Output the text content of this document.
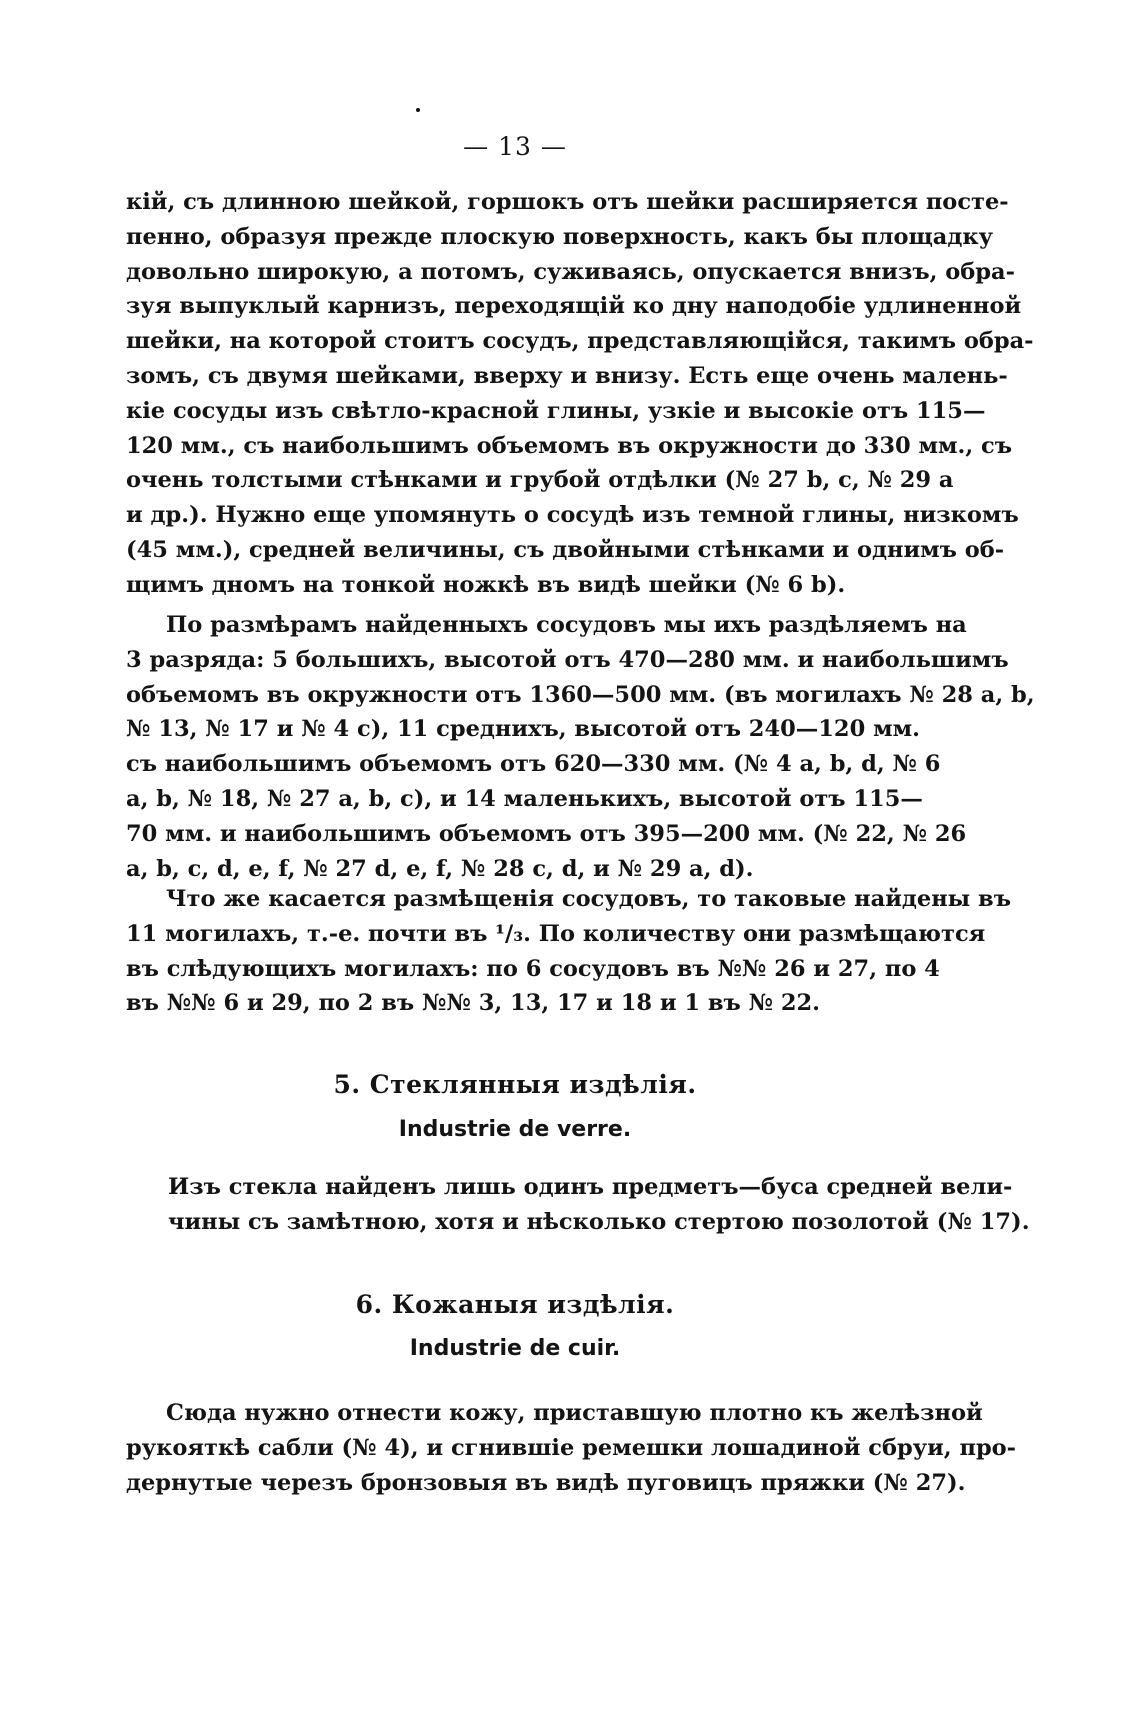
— 13 —
кій, съ длинною шейкой, горшокъ отъ шейки расширяется посте-
пенно, образуя прежде плоскую поверхность, какъ бы площадку
довольно широкую, а потомъ, суживаясь, опускается внизъ, обра-
зуя выпуклый карнизъ, переходящій ко дну наподобіе удлиненной
шейки, на которой стоитъ сосудъ, представляющійся, такимъ обра-
зомъ, съ двумя шейками, вверху и внизу. Есть еще очень малень-
кіе сосуды изъ свѣтло-красной глины, узкіе и высокіе отъ 115—
120 мм., съ наибольшимъ объемомъ въ окружности до 330 мм., съ
очень толстыми стѣнками и грубой отдѣлки (№ 27 b, c, № 29 a
и др.). Нужно еще упомянуть о сосудѣ изъ темной глины, низкомъ
(45 мм.), средней величины, съ двойными стѣнками и однимъ об-
щимъ дномъ на тонкой ножкѣ въ видѣ шейки (№ 6 b).
По размѣрамъ найденныхъ сосудовъ мы ихъ раздѣляемъ на
3 разряда: 5 большихъ, высотой отъ 470—280 мм. и наибольшимъ
объемомъ въ окружности отъ 1360—500 мм. (въ могилахъ № 28 a, b,
№ 13, № 17 и № 4 c), 11 среднихъ, высотой отъ 240—120 мм.
съ наибольшимъ объемомъ отъ 620—330 мм. (№ 4 a, b, d, № 6
a, b, № 18, № 27 a, b, c), и 14 маленькихъ, высотой отъ 115—
70 мм. и наибольшимъ объемомъ отъ 395—200 мм. (№ 22, № 26
a, b, c, d, e, f, № 27 d, e, f, № 28 c, d, и № 29 a, d).
Что же касается размѣщенія сосудовъ, то таковые найдены въ
11 могилахъ, т.-е. почти въ ¹/₃. По количеству они размѣщаются
въ слѣдующихъ могилахъ: по 6 сосудовъ въ №№ 26 и 27, по 4
въ №№ 6 и 29, по 2 въ №№ 3, 13, 17 и 18 и 1 въ № 22.
5. Стеклянныя издѣлія.
Industrie de verre.
Изъ стекла найденъ лишь одинъ предметъ—буса средней вели-
чины съ замѣтною, хотя и нѣсколько стертою позолотой (№ 17).
6. Кожаныя издѣлія.
Industrie de cuir.
Сюда нужно отнести кожу, приставшую плотно къ желѣзной
рукояткѣ сабли (№ 4), и сгнившіе ремешки лошадиной сбруи, про-
дернутые черезъ бронзовыя въ видѣ пуговицъ пряжки (№ 27).
